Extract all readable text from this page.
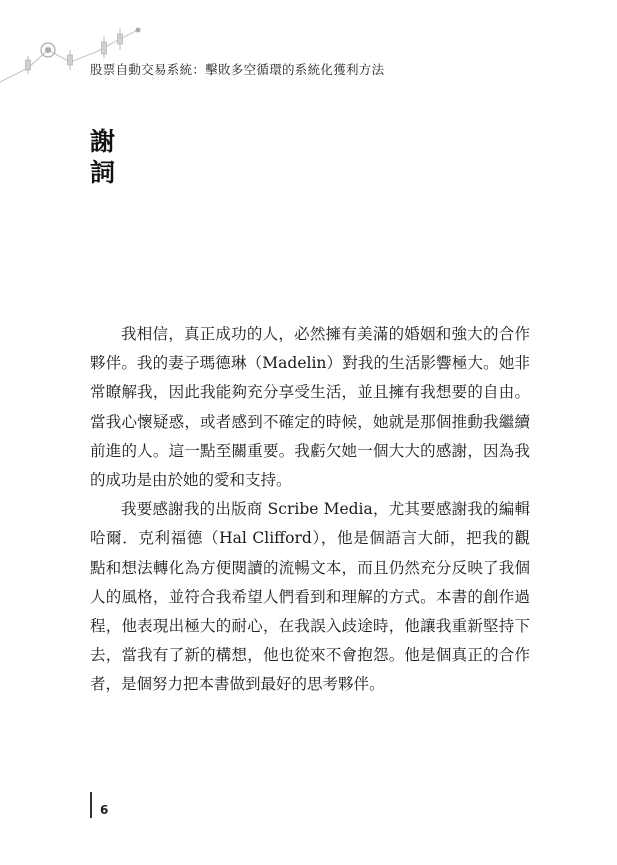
股票自動交易系統：擊敗多空循環的系統化獲利方法
謝
詞

我相信，真正成功的人，必然擁有美滿的婚姻和強大的合作夥伴。我的妻子瑪德琳（Madelin）對我的生活影響極大。她非常瞭解我，因此我能夠充分享受生活，並且擁有我想要的自由。當我心懷疑惑，或者感到不確定的時候，她就是那個推動我繼續前進的人。這一點至關重要。我虧欠她一個大大的感謝，因為我的成功是由於她的愛和支持。

我要感謝我的出版商 Scribe Media，尤其要感謝我的編輯哈爾．克利福德（Hal Clifford），他是個語言大師，把我的觀點和想法轉化為方便閱讀的流暢文本，而且仍然充分反映了我個人的風格，並符合我希望人們看到和理解的方式。本書的創作過程，他表現出極大的耐心，在我誤入歧途時，他讓我重新堅持下去，當我有了新的構想，他也從來不會抱怨。他是個真正的合作者，是個努力把本書做到最好的思考夥伴。

6
